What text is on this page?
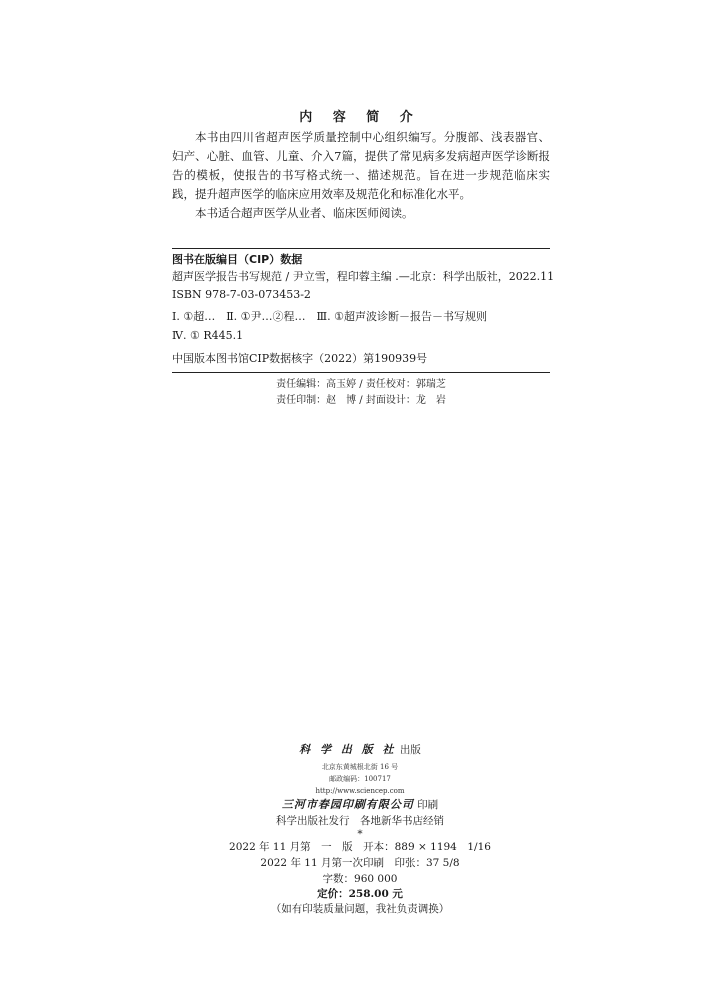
内 容 简 介
本书由四川省超声医学质量控制中心组织编写。分腹部、浅表器官、妇产、心脏、血管、儿童、介入7篇，提供了常见病多发病超声医学诊断报告的模板，使报告的书写格式统一、描述规范。旨在进一步规范临床实践，提升超声医学的临床应用效率及规范化和标准化水平。
本书适合超声医学从业者、临床医师阅读。
图书在版编目（CIP）数据
超声医学报告书写规范 / 尹立雪，程印蓉主编 .—北京：科学出版社，2022.11
ISBN 978-7-03-073453-2
Ⅰ. ①超…　Ⅱ. ①尹…②程…　Ⅲ. ①超声波诊断－报告－书写规则
Ⅳ. ① R445.1
中国版本图书馆CIP数据核字（2022）第190939号
责任编辑：高玉婷 / 责任校对：郭瑞芝
责任印制：赵　博 / 封面设计：龙　岩
科 学 出 版 社 出版
北京东黄城根北街 16 号
邮政编码：100717
http://www.sciencep.com
三河市春园印刷有限公司 印刷
科学出版社发行　各地新华书店经销
*
2022 年 11 月第　一　版　开本：889 × 1194　1/16
2022 年 11 月第一次印刷　印张：37 5/8
字数：960 000
定价：258.00 元
（如有印装质量问题，我社负责调换）
